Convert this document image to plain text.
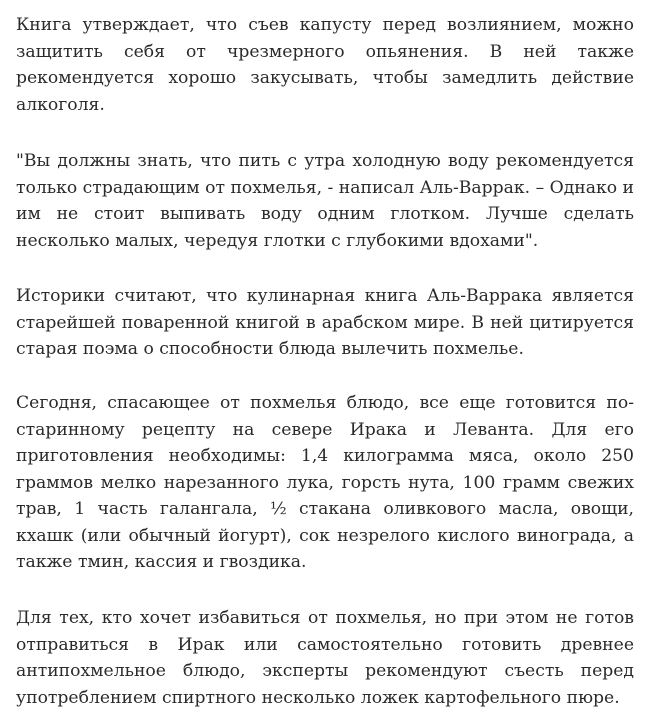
Книга утверждает, что съев капусту перед возлиянием, можно защитить себя от чрезмерного опьянения. В ней также рекомендуется хорошо закусывать, чтобы замедлить действие алкоголя.

"Вы должны знать, что пить с утра холодную воду рекомендуется только страдающим от похмелья, - написал Аль-Варрак. – Однако и им не стоит выпивать воду одним глотком. Лучше сделать несколько малых, чередуя глотки с глубокими вдохами".

Историки считают, что кулинарная книга Аль-Варрака является старейшей поваренной книгой в арабском мире. В ней цитируется старая поэма о способности блюда вылечить похмелье.

Сегодня, спасающее от похмелья блюдо, все еще готовится по-старинному рецепту на севере Ирака и Леванта. Для его приготовления необходимы: 1,4 килограмма мяса, около 250 граммов мелко нарезанного лука, горсть нута, 100 грамм свежих трав, 1 часть галангала, ½ стакана оливкового масла, овощи, кхашк (или обычный йогурт), сок незрелого кислого винограда, а также тмин, кассия и гвоздика.

Для тех, кто хочет избавиться от похмелья, но при этом не готов отправиться в Ирак или самостоятельно готовить древнее антипохмельное блюдо, эксперты рекомендуют съесть перед употреблением спиртного несколько ложек картофельного пюре.
